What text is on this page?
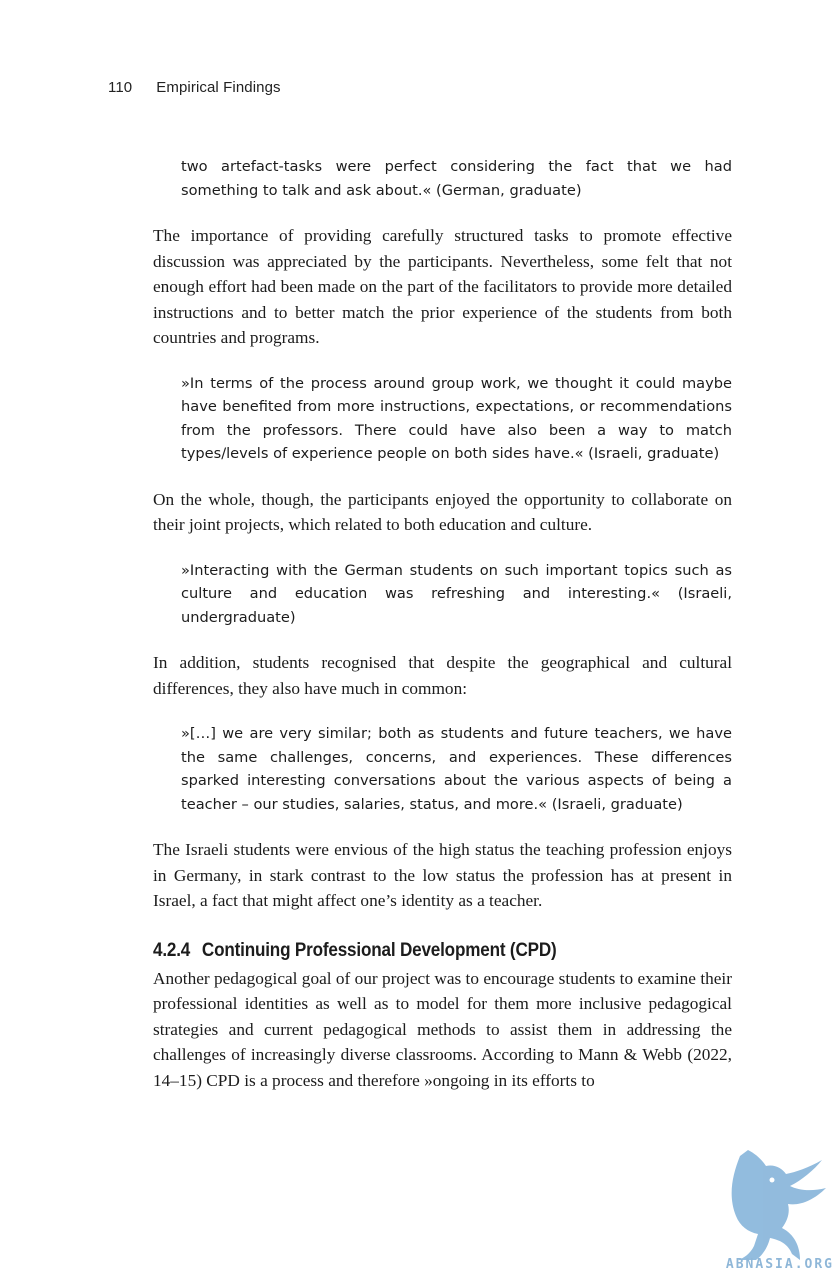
110 Empirical Findings

two artefact-tasks were perfect considering the fact that we had something to talk and ask about.« (German, graduate)

The importance of providing carefully structured tasks to promote effective discussion was appreciated by the participants. Nevertheless, some felt that not enough effort had been made on the part of the facilitators to provide more detailed instructions and to better match the prior experience of the students from both countries and programs.

»In terms of the process around group work, we thought it could maybe have benefited from more instructions, expectations, or recommendations from the professors. There could have also been a way to match types/levels of experience people on both sides have.« (Israeli, graduate)

On the whole, though, the participants enjoyed the opportunity to collaborate on their joint projects, which related to both education and culture.

»Interacting with the German students on such important topics such as culture and education was refreshing and interesting.« (Israeli, undergraduate)

In addition, students recognised that despite the geographical and cultural differences, they also have much in common:

»[…] we are very similar; both as students and future teachers, we have the same challenges, concerns, and experiences. These differences sparked interesting conversations about the various aspects of being a teacher – our studies, salaries, status, and more.« (Israeli, graduate)

The Israeli students were envious of the high status the teaching profession enjoys in Germany, in stark contrast to the low status the profession has at present in Israel, a fact that might affect one’s identity as a teacher.

4.2.4 Continuing Professional Development (CPD)

Another pedagogical goal of our project was to encourage students to examine their professional identities as well as to model for them more inclusive pedagogical strategies and current pedagogical methods to assist them in addressing the challenges of increasingly diverse classrooms. According to Mann & Webb (2022, 14–15) CPD is a process and therefore »ongoing in its efforts to

ABNASIA.ORG
